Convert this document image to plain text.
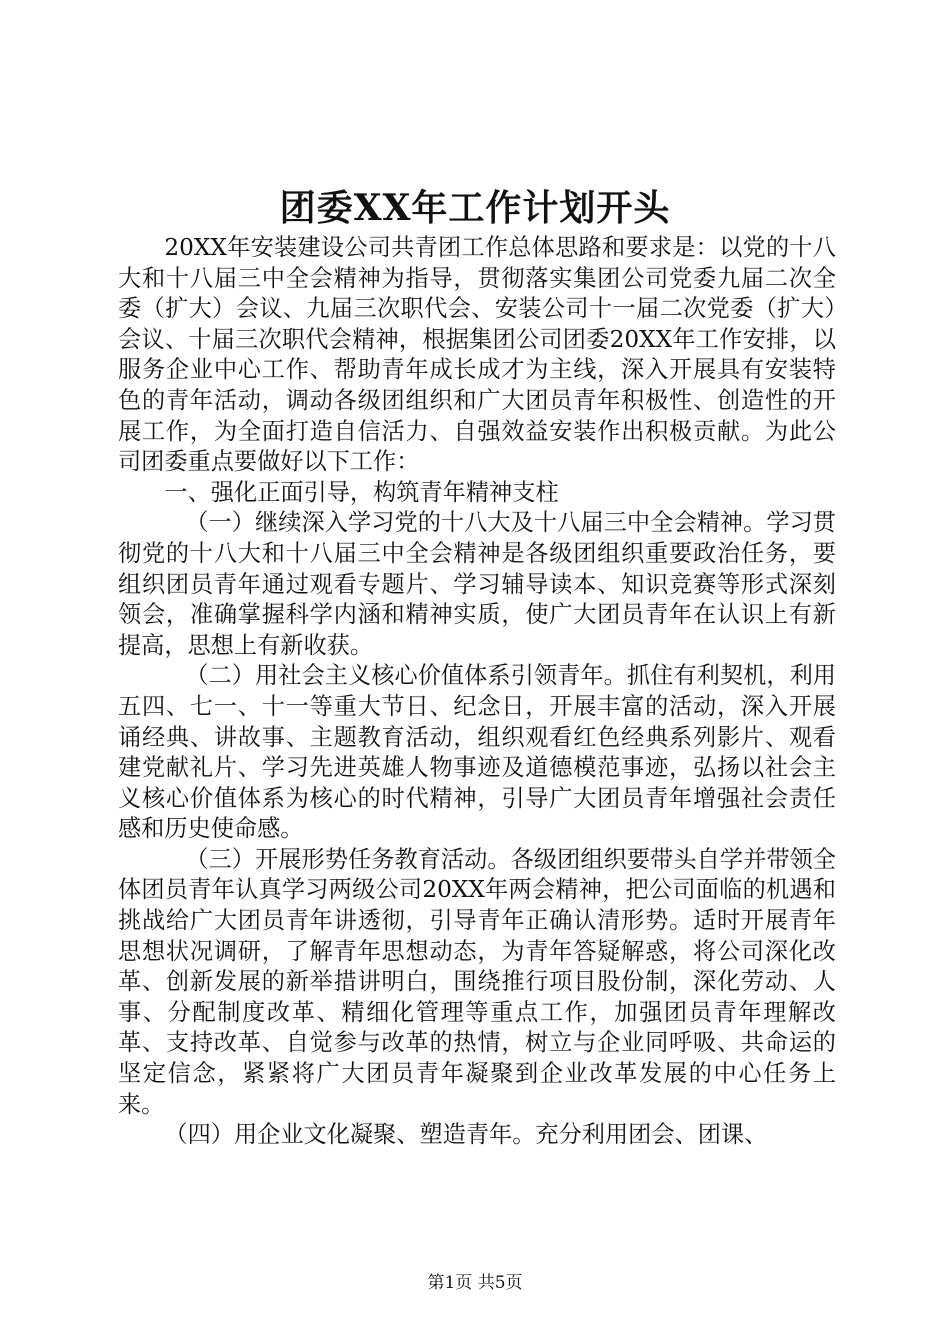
团委XX年工作计划开头

20XX年安装建设公司共青团工作总体思路和要求是：以党的十八大和十八届三中全会精神为指导，贯彻落实集团公司党委九届二次全委（扩大）会议、九届三次职代会、安装公司十一届二次党委（扩大）会议、十届三次职代会精神，根据集团公司团委20XX年工作安排，以服务企业中心工作、帮助青年成长成才为主线，深入开展具有安装特色的青年活动，调动各级团组织和广大团员青年积极性、创造性的开展工作，为全面打造自信活力、自强效益安装作出积极贡献。为此公司团委重点要做好以下工作：

一、强化正面引导，构筑青年精神支柱

（一）继续深入学习党的十八大及十八届三中全会精神。学习贯彻党的十八大和十八届三中全会精神是各级团组织重要政治任务，要组织团员青年通过观看专题片、学习辅导读本、知识竞赛等形式深刻领会，准确掌握科学内涵和精神实质，使广大团员青年在认识上有新提高，思想上有新收获。

（二）用社会主义核心价值体系引领青年。抓住有利契机，利用五四、七一、十一等重大节日、纪念日，开展丰富的活动，深入开展诵经典、讲故事、主题教育活动，组织观看红色经典系列影片、观看建党献礼片、学习先进英雄人物事迹及道德模范事迹，弘扬以社会主义核心价值体系为核心的时代精神，引导广大团员青年增强社会责任感和历史使命感。

（三）开展形势任务教育活动。各级团组织要带头自学并带领全体团员青年认真学习两级公司20XX年两会精神，把公司面临的机遇和挑战给广大团员青年讲透彻，引导青年正确认清形势。适时开展青年思想状况调研，了解青年思想动态，为青年答疑解惑，将公司深化改革、创新发展的新举措讲明白，围绕推行项目股份制，深化劳动、人事、分配制度改革、精细化管理等重点工作，加强团员青年理解改革、支持改革、自觉参与改革的热情，树立与企业同呼吸、共命运的坚定信念，紧紧将广大团员青年凝聚到企业改革发展的中心任务上来。

（四）用企业文化凝聚、塑造青年。充分利用团会、团课、

第1页 共5页
